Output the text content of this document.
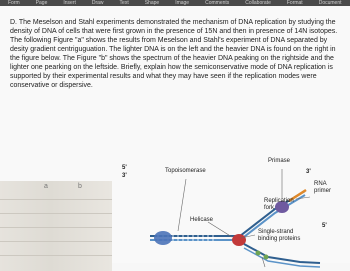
Form	Page	Insert	Draw	Text	Shape	Image	Comments	Collaborate	Format	Document
D. The Meselson and Stahl experiments demonstrated the mechanism of DNA replication by studying the density of DNA of cells that were first grown in the presence of 15N and then in presence of 14N isotopes. The following Figure "a" shows the results from Meselson and Stahl's experiment of DNA separated by desity gradient centriguguation. The lighter DNA is on the left and the heavier DNA is found on the right in the figure below. The Figure "b" shows the spectrum of the heavier DNA peaking on the rightside and the lighter one pearking on the leftside. Briefly, explain how the semiconservative mode of DNA replication is supported by their experimental results and what they may have seen if the replication modes were conservative or dispersive.
a	b
Primase
Topoisomerase	3'
RNA primer
5'
3'
Replication fork
Helicase
5'
Single-strand binding proteins
